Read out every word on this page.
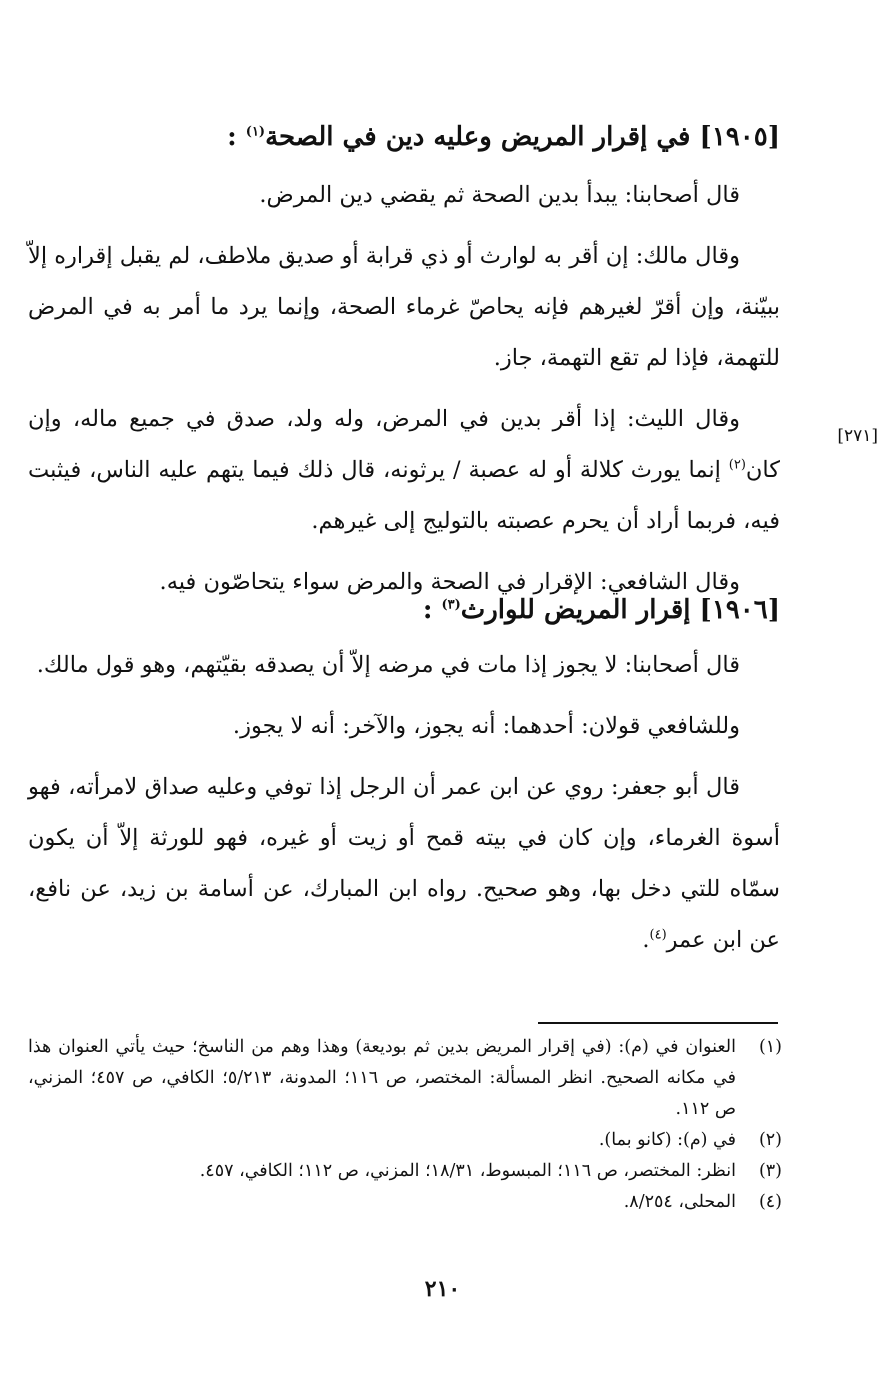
[١٩٠٥] في إقرار المريض وعليه دين في الصحة$^{(١)}$ :

قال أصحابنا: يبدأ بدين الصحة ثم يقضي دين المرض.

وقال مالك: إن أقر به لوارث أو ذي قرابة أو صديق ملاطف، لم يقبل إقراره إلاّ ببيّنة، وإن أقرّ لغيرهم فإنه يحاصّ غرماء الصحة، وإنما يرد ما أمر به في المرض للتهمة، فإذا لم تقع التهمة، جاز.

وقال الليث: إذا أقر بدين في المرض، وله ولد، صدق في جميع ماله، وإن كان$^{(٢)}$ إنما يورث كلالة أو له عصبة / يرثونه، قال ذلك فيما يتهم عليه الناس، فيثبت فيه، فربما أراد أن يحرم عصبته بالتوليج إلى غيرهم.

وقال الشافعي: الإقرار في الصحة والمرض سواء يتحاصّون فيه.

[٢٧١]
[١٩٠٦] إقرار المريض للوارث$^{(٣)}$ :

قال أصحابنا: لا يجوز إذا مات في مرضه إلاّ أن يصدقه بقيّتهم، وهو قول مالك.

وللشافعي قولان: أحدهما: أنه يجوز، والآخر: أنه لا يجوز.

قال أبو جعفر: روي عن ابن عمر أن الرجل إذا توفي وعليه صداق لامرأته، فهو أسوة الغرماء، وإن كان في بيته قمح أو زيت أو غيره، فهو للورثة إلاّ أن يكون سمّاه للتي دخل بها، وهو صحيح. رواه ابن المبارك، عن أسامة بن زيد، عن نافع، عن ابن عمر$^{(٤)}$.

(١)
العنوان في (م): (في إقرار المريض بدين ثم بوديعة) وهذا وهم من الناسخ؛ حيث يأتي العنوان هذا في مكانه الصحيح. انظر المسألة: المختصر، ص ١١٦؛ المدونة، ٥/٢١٣؛ الكافي، ص ٤٥٧؛ المزني، ص ١١٢.
(٢)
في (م): (كانو بما).
(٣)
انظر: المختصر، ص ١١٦؛ المبسوط، ١٨/٣١؛ المزني، ص ١١٢؛ الكافي، ٤٥٧.
(٤)
المحلى، ٨/٢٥٤.
٢١٠
